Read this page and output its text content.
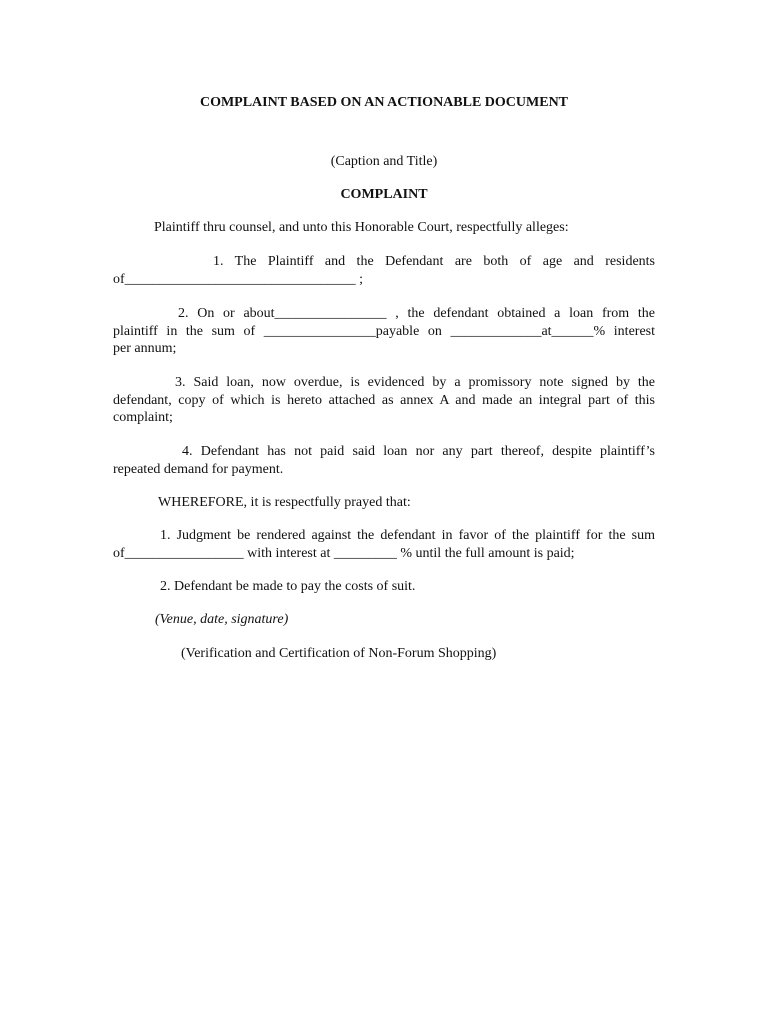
COMPLAINT BASED ON AN ACTIONABLE DOCUMENT

(Caption and Title)

COMPLAINT

Plaintiff thru counsel, and unto this Honorable Court, respectfully alleges:

1. The Plaintiff and the Defendant are both of age and residents
of_________________________________ ;
2. On or about________________ , the defendant obtained a loan from the
plaintiff in the sum of ________________payable on _____________at______% interest
per annum;
3. Said loan, now overdue, is evidenced by a promissory note signed by the
defendant, copy of which is hereto attached as annex A and made an integral part of this
complaint;
4. Defendant has not paid said loan nor any part thereof, despite plaintiff’s
repeated demand for payment.

WHEREFORE, it is respectfully prayed that:

1. Judgment be rendered against the defendant in favor of the plaintiff for the sum
of_________________ with interest at _________ % until the full amount is paid;

2. Defendant be made to pay the costs of suit.

(Venue, date, signature)

(Verification and Certification of Non-Forum Shopping)
